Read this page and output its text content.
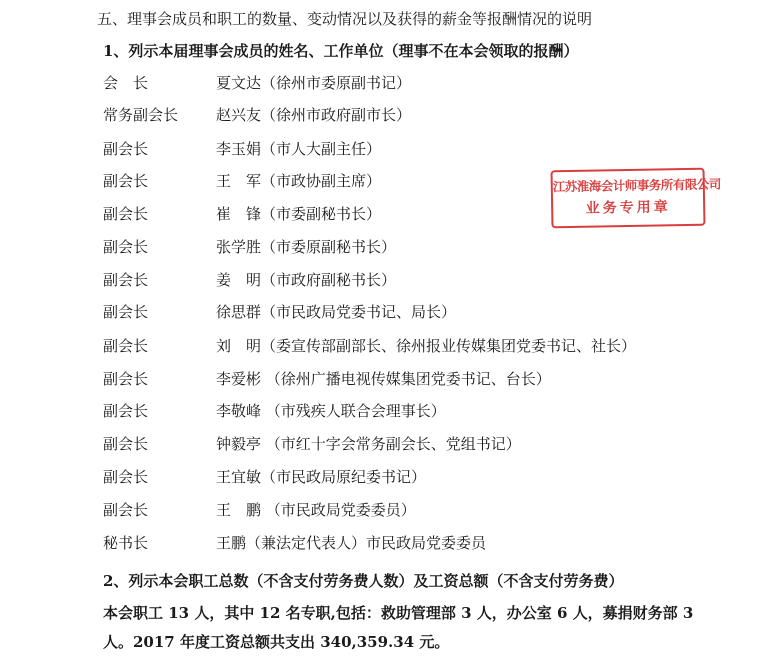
五、理事会成员和职工的数量、变动情况以及获得的薪金等报酬情况的说明
1、列示本届理事会成员的姓名、工作单位（理事不在本会领取的报酬）
会　长	夏文达（徐州市委原副书记）
常务副会长	赵兴友（徐州市政府副市长）
副会长	李玉娟（市人大副主任）
副会长	王　军（市政协副主席）
副会长	崔　锋（市委副秘书长）
副会长	张学胜（市委原副秘书长）
副会长	姜　明（市政府副秘书长）
副会长	徐思群（市民政局党委书记、局长）
副会长	刘　明（委宣传部副部长、徐州报业传媒集团党委书记、社长）
副会长	李爱彬 （徐州广播电视传媒集团党委书记、台长）
副会长	李敬峰 （市残疾人联合会理事长）
副会长	钟毅亭 （市红十字会常务副会长、党组书记）
副会长	王宜敏（市民政局原纪委书记）
副会长	王　鹏 （市民政局党委委员）
秘书长	王鹏（兼法定代表人）市民政局党委委员
2、列示本会职工总数（不含支付劳务费人数）及工资总额（不含支付劳务费）
本会职工 13 人，其中 12 名专职,包括：救助管理部 3 人，办公室 6 人，募捐财务部 3
人。2017 年度工资总额共支出 340,359.34 元。
江苏淮海会计师事务所有限公司
业务专用章
